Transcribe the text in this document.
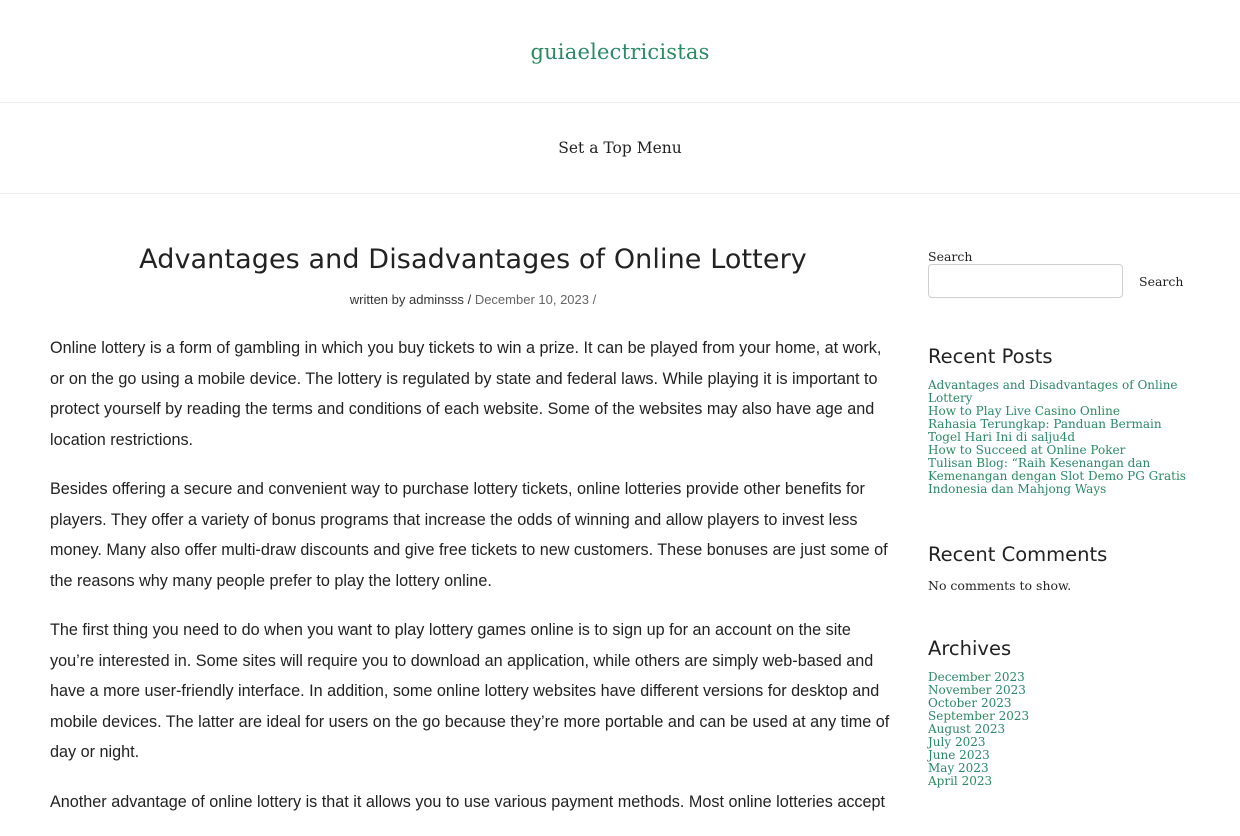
guiaelectricistas
Set a Top Menu
Advantages and Disadvantages of Online Lottery
written by adminsss / December 10, 2023 /

Online lottery is a form of gambling in which you buy tickets to win a prize. It can be played from your home, at work, or on the go using a mobile device. The lottery is regulated by state and federal laws. While playing it is important to protect yourself by reading the terms and conditions of each website. Some of the websites may also have age and location restrictions.

Besides offering a secure and convenient way to purchase lottery tickets, online lotteries provide other benefits for players. They offer a variety of bonus programs that increase the odds of winning and allow players to invest less money. Many also offer multi-draw discounts and give free tickets to new customers. These bonuses are just some of the reasons why many people prefer to play the lottery online.

The first thing you need to do when you want to play lottery games online is to sign up for an account on the site you’re interested in. Some sites will require you to download an application, while others are simply web-based and have a more user-friendly interface. In addition, some online lottery websites have different versions for desktop and mobile devices. The latter are ideal for users on the go because they’re more portable and can be used at any time of day or night.

Another advantage of online lottery is that it allows you to use various payment methods. Most online lotteries accept

Search
Search
Recent Posts
Advantages and Disadvantages of Online Lottery
How to Play Live Casino Online
Rahasia Terungkap: Panduan Bermain Togel Hari Ini di salju4d
How to Succeed at Online Poker
Tulisan Blog: “Raih Kesenangan dan Kemenangan dengan Slot Demo PG Gratis Indonesia dan Mahjong Ways
Recent Comments

No comments to show.

Archives
December 2023
November 2023
October 2023
September 2023
August 2023
July 2023
June 2023
May 2023
April 2023
